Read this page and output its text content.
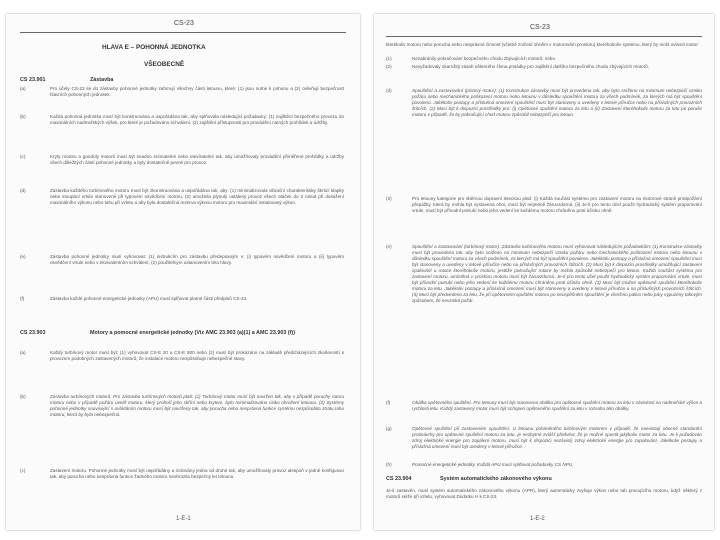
CS-23
HLAVA E – POHONNÁ JEDNOTKA
VŠEOBECNĚ
CS 23.901	Zástavba
(a)	Pro účely CS-23 se do zástavby pohonné jednotky zahrnují všechny části letounu, které: (1) jsou nutné k pohonu a (2) ovlivňují bezpečnost hlavních pohonných jednotek.
(b)	Každá pohonná jednotka musí být konstruována a uspořádána tak, aby splňovala následující požadavky: (1) zajištění bezpečného provozu do maximálních nadmořských výšek, pro které je požadováno schválení, (2) zajištění přístupnosti pro provádění nutných prohlídek a údržby.
(c)	Kryty motoru a gondoly motorů musí být snadno snímatelné nebo otevíratelné tak, aby umožňovaly provádění přiměřené prohlídky a údržby všech důležitých částí pohonné jednotky a byly dostatečně pevné pro provoz.
(d)	Zástavba každého turbínového motoru musí být zkonstruována a uspořádána tak, aby: (1) minimalizovala vibrační charakteristiky škrticí klapky nebo stoupání vrtule stanovené při typovém osvědčení motoru, (2) umožnila plynulý ustálený provoz všech otáček do 3 minut při dosažení maximálního výkonu nebo tahu při vzletu a aby byla dostatečná rezerva výkonu motoru pro maximální instalovaný výkon.
(e)	Zástavba pohonné jednotky musí vyhovovat: (1) instrukcím pro zástavbu předepsaným v: (i) typovém osvědčení motoru a (ii) typovém osvědčení vrtule nebo v ekvivalentním schválení, (2) použitelným ustanovením této hlavy.
(f)	Zástavba každé pohonné energetické jednotky (APU) musí splňovat platné části předpisů CS-23.
CS 23.903	Motory a pomocné energetické jednotky (Viz AMC 23.903 (a)(1) a AMC 23.903 (f))
(a)	Každý turbínový motor musí být: (1) vyhovovat CS-E 20 a CS-E 800 nebo (2) musí být prokázáno na základě předcházejících zkušeností s provozem podobných zastavených motorů, že instalace motoru nezpůsobuje nebezpečné stavy.
(b)	Zástavba turbínových motorů. Pro zástavbu turbínových motorů platí: (1) Turbínový motor musí být navržen tak, aby v případě poruchy rotoru motoru nebo v případě požáru uvnitř motoru, který prohoří jeho skříní nebo krytem, bylo minimalizováno riziko ohrožení letounu. (2) Systémy pohonné jednotky související s ovládáním motoru musí být navrženy tak, aby porucha nebo nesprávná funkce systému nezpůsobila ztrátu tahu motoru, která by byla nebezpečná.
(c)	Zastavení motoru. Pohonné jednotky musí být uspořádány a izolovány jedna od druhé tak, aby umožňovaly provoz alespoň v jedné konfiguraci tak, aby porucha nebo nesprávná funkce žádného motoru neohrozila bezpečný let letounu.
1-E-1
CS-23
kterékoliv motoru nebo porucha nebo nesprávná činnost (včetně zničení ohněm v motorovém prostoru) kteréhokoliv systému, který by mohl ovlivnit motor:
(1)	Nezabránily pokračování bezpečného chodu zbývajících motorů; nebo
(2)	Nevyžadovaly okamžitý zásah některého člena posádky pro zajištění dalšího bezpečného chodu zbývajících motorů.
(d)	Spouštění a zastavování (pístový motor). (1) Konstrukce zástavby musí být provedena tak, aby bylo sníženo na minimum nebezpečí vzniku požáru nebo mechanického poškození motoru nebo letounu v důsledku spouštění motoru za všech podmínek, za kterých má být spouštění povoleno. Jakékoliv postupy a příslušná omezení spouštění musí být stanoveny a uvedeny v letové příručce nebo na příslušných provozních štítcích. (2) Musí být k dispozici prostředky pro: (i) Opětovné spuštění motoru za letu a (ii) Zastavení kteréhokoliv motoru za letu po poruše motoru v případě, že by pokračující chod motoru způsobil nebezpečí pro letoun.
(3)	Pro letouny kategorie pro sběrnou dopravní leteckou platí: (i) Každá součást systému pro zastavení motoru na motorové straně protipožární přepážky, která by mohla být vystavena ohni, musí být nejméně žáruvzdorná. (ii) Je-li pro tento účel použit hydraulický systém praporování vrtule, musí být přívodní potrubí nebo jeho vedení ke každému motoru chráněno proti účinku ohně.
(e)	Spouštění a zastavování (turbínový motor). Zástavba turbínového motoru musí vyhovovat následujícím požadavkům: (1) Konstrukce zástavby musí být provedena tak, aby bylo sníženo na minimum nebezpečí vzniku požáru nebo mechanického poškození motoru nebo letounu v důsledku spouštění motoru za všech podmínek, za kterých má být spouštění povoleno. Jakékoliv postupy a příslušná omezení spouštění musí být stanoveny a uvedeny v letové příručce nebo na příslušných provozních štítcích. (2) Musí být k dispozici prostředky umožňující zastavení spalování u rotace kteréhokoliv motoru, jestliže pokračující rotace by mohla způsobit nebezpečí pro letoun. Každá součást systému pro zastavení motoru, umístěná v prostoru motoru musí být žáruvzdorná. Je-li pro tento účel použit hydraulický systém praporování vrtule, musí být přívodní potrubí nebo jeho vedení ke každému motoru chráněno proti účinku ohně. (3) Musí být možné opětovně spuštění kteréhokoliv motoru za letu. Jakékoliv postupy a příslušná omezení musí být stanoveny a uvedeny v letové příručce a na příslušných provozních štítcích. (4) Musí být předvedeno za letu, že při opětovném spuštění motoru po neúspěšném spouštění je všechno palivo nebo páry vypuzeny takovým způsobem, že nevzniká požár.
(f)	Obálka opětovného spuštění. Pro letouny musí být stanovena obálka pro opětovné spuštění motoru za letu v závislosti na nadmořské výšce a rychlosti letu. Každý zastavený motor musí být schopen opětovného spuštění za letu v rozsahu této obálky.
(g)	Opětovné spuštění při zastaveném spouštění. U letounu poháněného turbínovým motorem v případě, že neexistují obecně standardní protinávrhy pro opětovné spuštění motoru za letu, je nezbytné zvlášť předvést, že je možné spustit jakýkoliv motor za letu. Je-li požadován zdroj elektrické energie pro zapálení motoru, musí být k dispozici nezávislý zdroj elektrické energie pro zapalování. Jakékoliv postupy a příslušná omezení musí být uvedeny v letové příručce.
(h)	Pomocné energetické jednotky. Každá APU musí splňovat požadavky CS NPU.
CS 23.904	Systém automatického zákonového výkonu
Je-li zastavěn, musí systém automatického zákonového výkonu (APR), který automaticky zvyšuje výkon nebo tah pracujícího motoru, když některý z motorů selže při vzletu, vyhovovat Dodatku H k CS-23.
1-E-2
